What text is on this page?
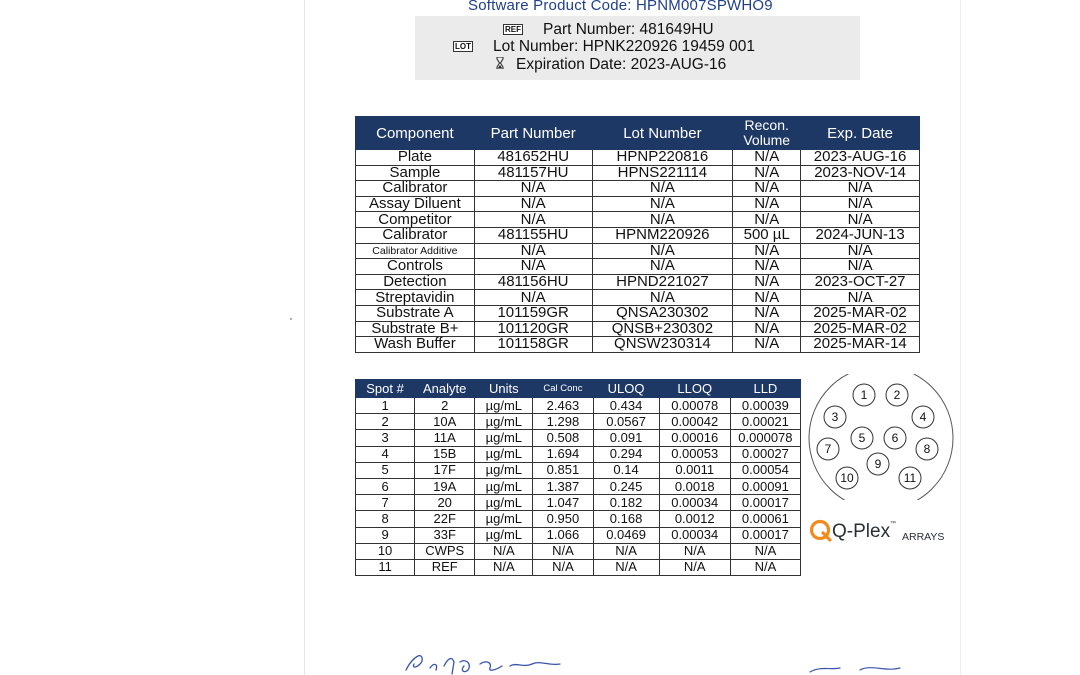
Software Product Code: HPNM007SPWHO9
REF Part Number: 481649HU
LOT Lot Number: HPNK220926 19459 001
Expiration Date: 2023-AUG-16
Component	Part Number	Lot Number	Recon. Volume	Exp. Date
Plate	481652HU	HPNP220816	N/A	2023-AUG-16
Sample	481157HU	HPNS221114	N/A	2023-NOV-14
Calibrator	N/A	N/A	N/A	N/A
Assay Diluent	N/A	N/A	N/A	N/A
Competitor	N/A	N/A	N/A	N/A
Calibrator	481155HU	HPNM220926	500 µL	2024-JUN-13
Calibrator Additive	N/A	N/A	N/A	N/A
Controls	N/A	N/A	N/A	N/A
Detection	481156HU	HPND221027	N/A	2023-OCT-27
Streptavidin	N/A	N/A	N/A	N/A
Substrate A	101159GR	QNSA230302	N/A	2025-MAR-02
Substrate B+	101120GR	QNSB+230302	N/A	2025-MAR-02
Wash Buffer	101158GR	QNSW230314	N/A	2025-MAR-14
Spot #	Analyte	Units	Cal Conc	ULOQ	LLOQ	LLD
1	2	µg/mL	2.463	0.434	0.00078	0.00039
2	10A	µg/mL	1.298	0.0567	0.00042	0.00021
3	11A	µg/mL	0.508	0.091	0.00016	0.000078
4	15B	µg/mL	1.694	0.294	0.00053	0.00027
5	17F	µg/mL	0.851	0.14	0.0011	0.00054
6	19A	µg/mL	1.387	0.245	0.0018	0.00091
7	20	µg/mL	1.047	0.182	0.00034	0.00017
8	22F	µg/mL	0.950	0.168	0.0012	0.00061
9	33F	µg/mL	1.066	0.0469	0.00034	0.00017
10	CWPS	N/A	N/A	N/A	N/A	N/A
11	REF	N/A	N/A	N/A	N/A	N/A
1 2
3	4
5 6
7	8
9
10	11
Q-Plex ™
ARRAYS
